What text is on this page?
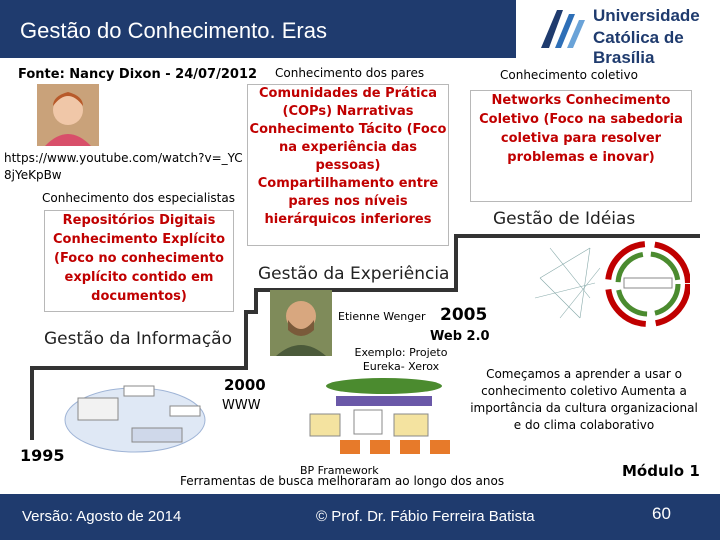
Gestão do Conhecimento. Eras
Universidade
Católica de Brasília
Fonte: Nancy Dixon - 24/07/2012
https://www.youtube.com/watch?v=_YC8jYeKpBw
Conhecimento dos especialistas
Conhecimento dos pares	Conhecimento coletivo
Repositórios Digitais Conhecimento Explícito (Foco no conhecimento explícito contido em documentos)
Comunidades de Prática (COPs) Narrativas Conhecimento Tácito (Foco na experiência das pessoas) Compartilhamento entre pares nos níveis hierárquicos inferiores
Networks Conhecimento Coletivo (Foco na sabedoria coletiva para resolver problemas e inovar)
Gestão da Informação
Gestão da Experiência
Gestão de Idéias
Etienne Wenger 2005
Web 2.0
Exemplo: Projeto Eureka- Xerox
2000
WWW
1995
BP Framework
Começamos a aprender a usar o conhecimento coletivo Aumenta a importância da cultura organizacional e do clima colaborativo
Ferramentas de busca melhoraram ao longo dos anos
Módulo 1
Versão: Agosto de 2014	© Prof. Dr. Fábio Ferreira Batista	60
